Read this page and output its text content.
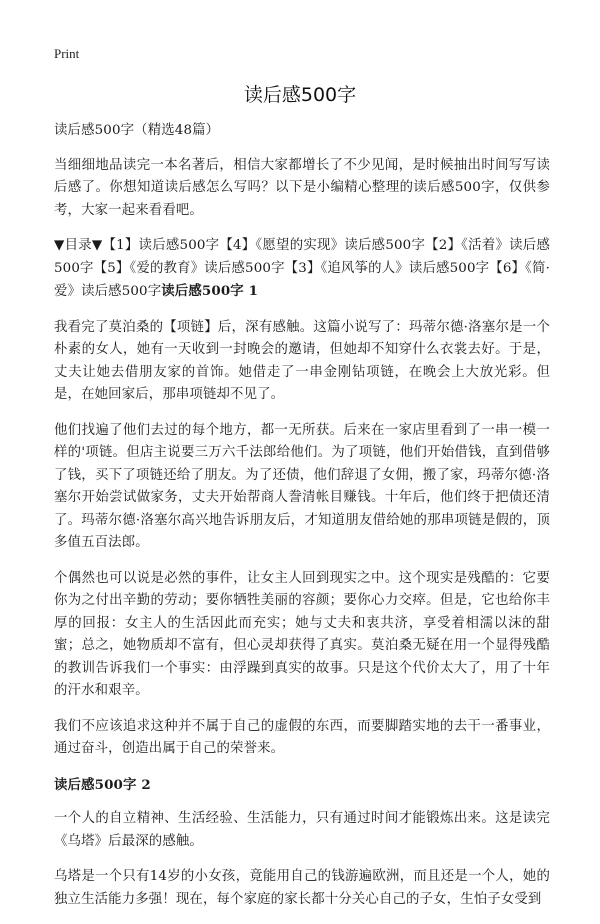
Print
读后感500字

读后感500字（精选48篇）

当细细地品读完一本名著后，相信大家都增长了不少见闻，是时候抽出时间写写读后感了。你想知道读后感怎么写吗？以下是小编精心整理的读后感500字，仅供参考，大家一起来看看吧。

▼目录▼【1】读后感500字【4】《愿望的实现》读后感500字【2】《活着》读后感500字【5】《爱的教育》读后感500字【3】《追风筝的人》读后感500字【6】《简·爱》读后感500字读后感500字 1

我看完了莫泊桑的【项链】后，深有感触。这篇小说写了：玛蒂尔德·洛塞尔是一个朴素的女人，她有一天收到一封晚会的邀请，但她却不知穿什么衣裳去好。于是，丈夫让她去借朋友家的首饰。她借走了一串金刚钻项链，在晚会上大放光彩。但是，在她回家后，那串项链却不见了。

他们找遍了他们去过的每个地方，都一无所获。后来在一家店里看到了一串一模一样的'项链。但店主说要三万六千法郎给他们。为了项链，他们开始借钱，直到借够了钱，买下了项链还给了朋友。为了还债，他们辞退了女佣，搬了家，玛蒂尔德·洛塞尔开始尝试做家务，丈夫开始帮商人誊清帐目赚钱。十年后，他们终于把债还清了。玛蒂尔德·洛塞尔高兴地告诉朋友后，才知道朋友借给她的那串项链是假的，顶多值五百法郎。

个偶然也可以说是必然的事件，让女主人回到现实之中。这个现实是残酷的：它要你为之付出辛勤的劳动；要你牺牲美丽的容颜；要你心力交瘁。但是，它也给你丰厚的回报：女主人的生活因此而充实；她与丈夫和衷共济，享受着相濡以沫的甜蜜；总之，她物质却不富有，但心灵却获得了真实。莫泊桑无疑在用一个显得残酷的教训告诉我们一个事实：由浮躁到真实的故事。只是这个代价太大了，用了十年的汗水和艰辛。

我们不应该追求这种并不属于自己的虚假的东西，而要脚踏实地的去干一番事业，通过奋斗，创造出属于自己的荣誉来。

读后感500字 2

一个人的自立精神、生活经验、生活能力，只有通过时间才能锻炼出来。这是读完《乌塔》后最深的感触。

乌塔是一个只有14岁的小女孩，竟能用自己的钱游遍欧洲，而且还是一个人，她的独立生活能力多强！现在，每个家庭的家长都十分关心自己的子女，生怕子女受到
